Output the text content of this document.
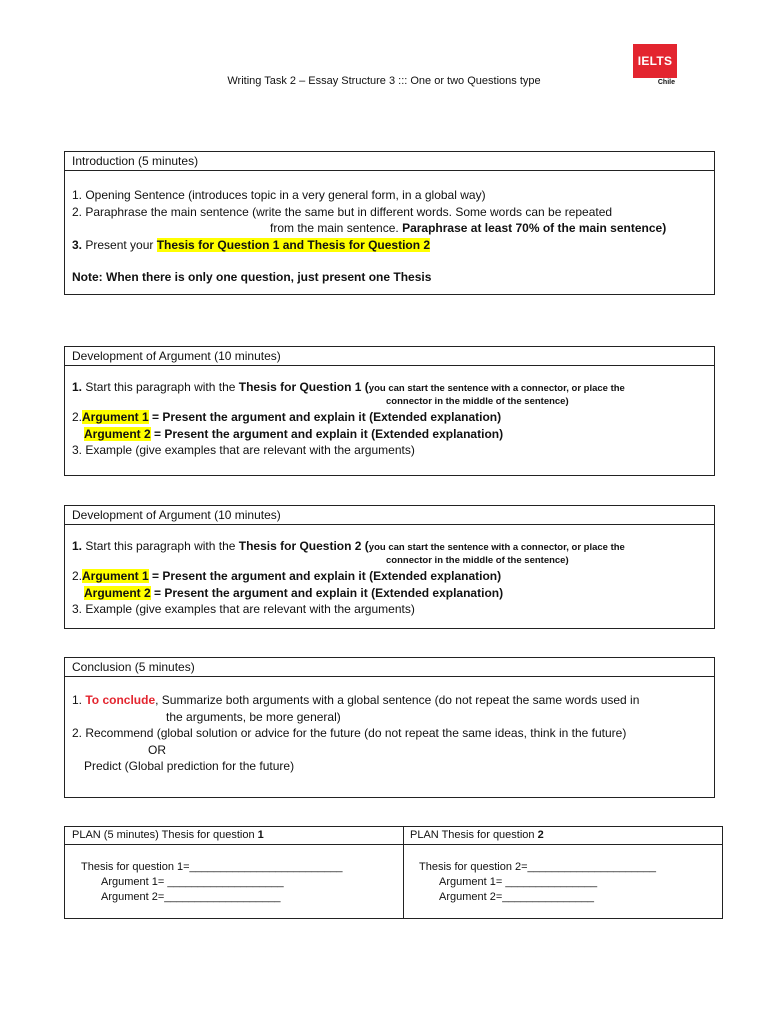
Writing Task 2 – Essay Structure 3 ::: One or two Questions type
IELTS
Chile
Introduction (5 minutes)
1. Opening Sentence (introduces topic in a very general form, in a global way)
2. Paraphrase the main sentence (write the same but in different words. Some words can be repeated
from the main sentence. Paraphrase at least 70% of the main sentence)
3. Present your Thesis for Question 1 and Thesis for Question 2
Note: When there is only one question, just present one Thesis
Development of Argument (10 minutes)
1. Start this paragraph with the Thesis for Question 1 (you can start the sentence with a connector, or place the
connector in the middle of the sentence)
2.Argument 1 = Present the argument and explain it (Extended explanation)
Argument 2 = Present the argument and explain it (Extended explanation)
3. Example (give examples that are relevant with the arguments)
Development of Argument (10 minutes)
1. Start this paragraph with the Thesis for Question 2 (you can start the sentence with a connector, or place the
connector in the middle of the sentence)
2.Argument 1 = Present the argument and explain it (Extended explanation)
Argument 2 = Present the argument and explain it (Extended explanation)
3. Example (give examples that are relevant with the arguments)
Conclusion (5 minutes)
1. To conclude, Summarize both arguments with a global sentence (do not repeat the same words used in
the arguments, be more general)
2. Recommend (global solution or advice for the future (do not repeat the same ideas, think in the future)
OR
Predict (Global prediction for the future)
PLAN (5 minutes) Thesis for question 1
Thesis for question 1=_________________________
Argument 1= ___________________
Argument 2=___________________
PLAN Thesis for question 2
Thesis for question 2=_____________________
Argument 1= _______________
Argument 2=_______________
